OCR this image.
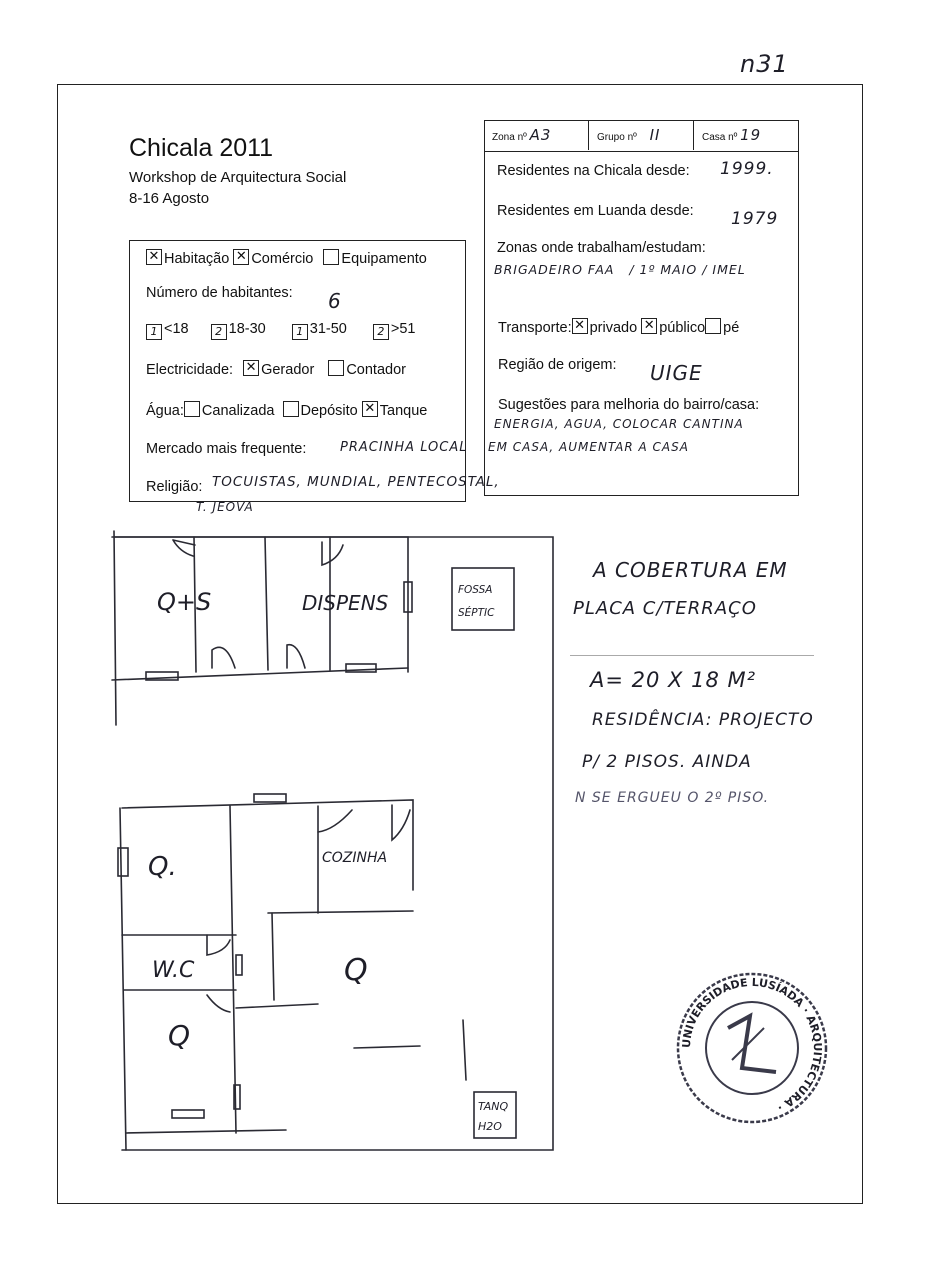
n31
Chicala 2011
Workshop de Arquitectura Social
8-16 Agosto
✕Habitação ✕ Comércio Equipamento
Número de habitantes: 6
1 <18 2 18-30	1 31-50	2 >51
Electricidade: ✕ Gerador Contador
Água: Canalizada Depósito ✕ Tanque
Mercado mais frequente:	PRACINHA LOCAL
Religião: TOCUISTAS, MUNDIAL, PENTECOSTAL,
T. JEOVA
Zona nº A3	Grupo nº II	Casa nº 19
Residentes na Chicala desde: 1999.
Residentes em Luanda desde: 1979
Zonas onde trabalham/estudam:
BRIGADEIRO FAA   / 1º MAIO / IMEL
Transporte: ✕ privado ✕ público pé
Região de origem: UIGE
Sugestões para melhoria do bairro/casa:
ENERGIA, AGUA, COLOCAR CANTINA
EM CASA, AUMENTAR A CASA
Q+S	DISPENS
FOSSA
SÉPTIC
Q.	COZINHA
W.C	Q
Q
TANQ
H2O
A COBERTURA EM
PLACA C/TERRAÇO
A= 20 X 18 M²
RESIDÊNCIA: PROJECTO
P/ 2 PISOS. AINDA
N SE ERGUEU O 2º PISO.
UNIVERSIDADE LUSÍADA · ARQUITECTURA ·
